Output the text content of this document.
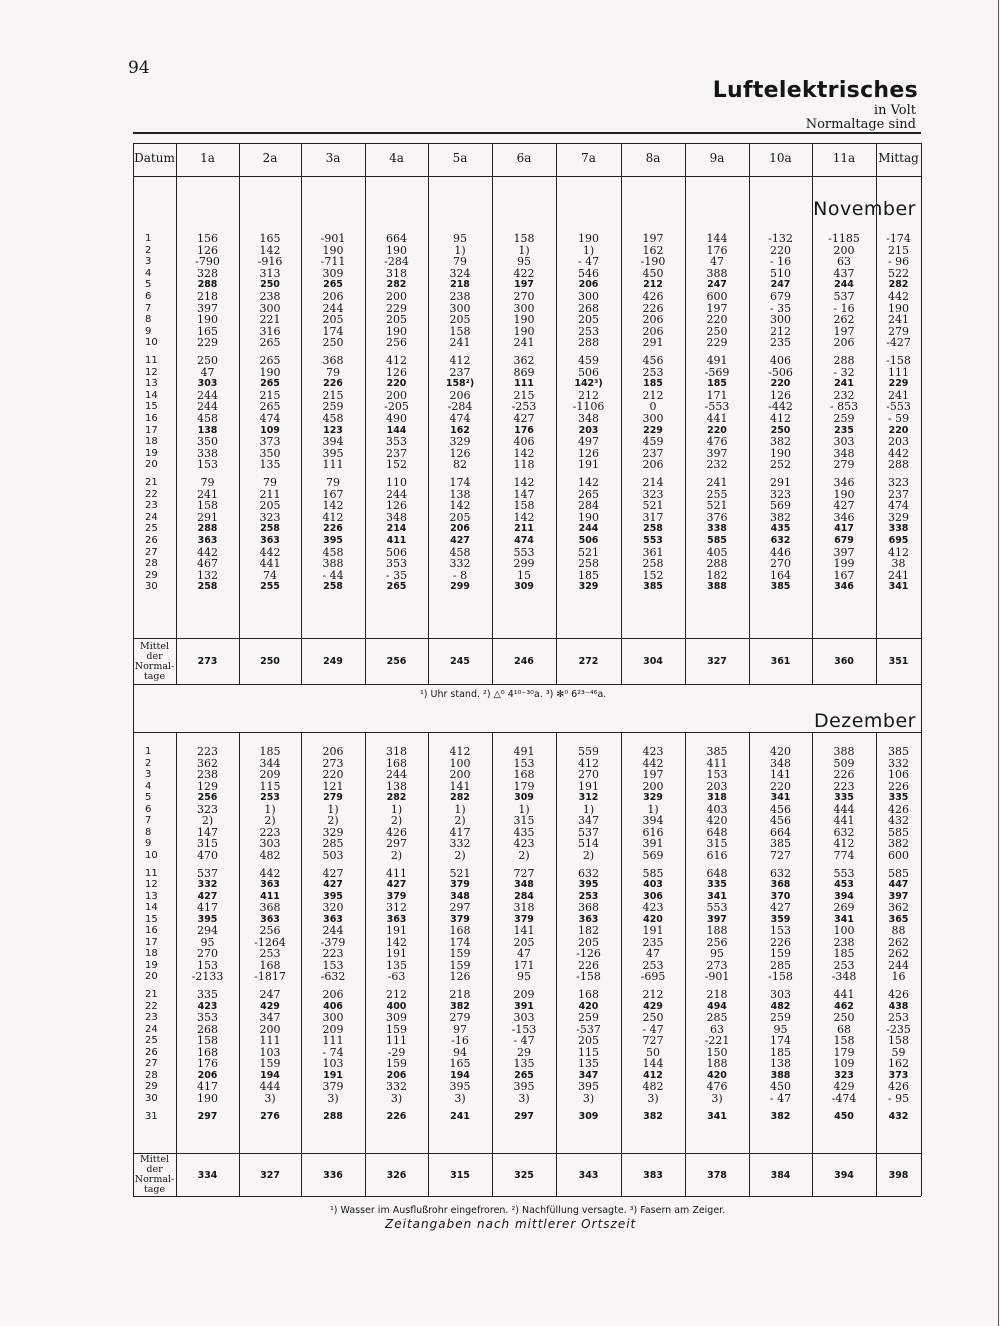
94
Luftelektrisches
in Volt
Normaltage sind
Datum	1a	2a	3a	4a	5a	6a	7a	8a	9a	10a	11a	Mittag
November
1	156	165	-901	664	95	158	190	197	144	-132	-1185	-174
2	126	142	190	190	1)	1)	1)	162	176	220	200	215
3	-790	-916	-711	-284	79	95	- 47	-190	47	- 16	63	- 96
4	328	313	309	318	324	422	546	450	388	510	437	522
5	288	250	265	282	218	197	206	212	247	247	244	282
6	218	238	206	200	238	270	300	426	600	679	537	442
7	397	300	244	229	300	300	268	226	197	- 35	- 16	190
8	190	221	205	205	205	190	205	206	220	300	262	241
9	165	316	174	190	158	190	253	206	250	212	197	279
10	229	265	250	256	241	241	288	291	229	235	206	-427
11	250	265	368	412	412	362	459	456	491	406	288	-158
12	47	190	79	126	237	869	506	253	-569	-506	- 32	111
13	303	265	226	220	158²)	111	142³)	185	185	220	241	229
14	244	215	215	200	206	215	212	212	171	126	232	241
15	244	265	259	-205	-284	-253	-1106	0	-553	-442	- 853	-553
16	458	474	458	490	474	427	348	300	441	412	259	- 59
17	138	109	123	144	162	176	203	229	220	250	235	220
18	350	373	394	353	329	406	497	459	476	382	303	203
19	338	350	395	237	126	142	126	237	397	190	348	442
20	153	135	111	152	82	118	191	206	232	252	279	288
21	79	79	79	110	174	142	142	214	241	291	346	323
22	241	211	167	244	138	147	265	323	255	323	190	237
23	158	205	142	126	142	158	284	521	521	569	427	474
24	291	323	412	348	205	142	190	317	376	382	346	329
25	288	258	226	214	206	211	244	258	338	435	417	338
26	363	363	395	411	427	474	506	553	585	632	679	695
27	442	442	458	506	458	553	521	361	405	446	397	412
28	467	441	388	353	332	299	258	258	288	270	199	38
29	132	74	- 44	- 35	- 8	15	185	152	182	164	167	241
30	258	255	258	265	299	309	329	385	388	385	346	341
Mittel
der
Normal-
tage
273	250	249	256	245	246	272	304	327	361	360	351
¹) Uhr stand. ²) △⁰ 4¹⁰⁻³⁰a. ³) ✻⁰ 6²³⁻⁴⁶a.
Dezember
1	223	185	206	318	412	491	559	423	385	420	388	385
2	362	344	273	168	100	153	412	442	411	348	509	332
3	238	209	220	244	200	168	270	197	153	141	226	106
4	129	115	121	138	141	179	191	200	203	220	223	226
5	256	253	279	282	282	309	312	329	318	341	335	335
6	323	1)	1)	1)	1)	1)	1)	1)	403	456	444	426
7	2)	2)	2)	2)	2)	315	347	394	420	456	441	432
8	147	223	329	426	417	435	537	616	648	664	632	585
9	315	303	285	297	332	423	514	391	315	385	412	382
10	470	482	503	2)	2)	2)	2)	569	616	727	774	600
11	537	442	427	411	521	727	632	585	648	632	553	585
12	332	363	427	427	379	348	395	403	335	368	453	447
13	427	411	395	379	348	284	253	306	341	370	394	397
14	417	368	320	312	297	318	368	423	553	427	269	362
15	395	363	363	363	379	379	363	420	397	359	341	365
16	294	256	244	191	168	141	182	191	188	153	100	88
17	95	-1264	-379	142	174	205	205	235	256	226	238	262
18	270	253	223	191	159	47	-126	47	95	159	185	262
19	153	168	153	135	159	171	226	253	273	285	253	244
20	-2133	-1817	-632	-63	126	95	-158	-695	-901	-158	-348	16
21	335	247	206	212	218	209	168	212	218	303	441	426
22	423	429	406	400	382	391	420	429	494	482	462	438
23	353	347	300	309	279	303	259	250	285	259	250	253
24	268	200	209	159	97	-153	-537	- 47	63	95	68	-235
25	158	111	111	111	-16	- 47	205	727	-221	174	158	158
26	168	103	- 74	-29	94	29	115	50	150	185	179	59
27	176	159	103	159	165	135	135	144	188	138	109	162
28	206	194	191	206	194	265	347	412	420	388	323	373
29	417	444	379	332	395	395	395	482	476	450	429	426
30	190	3)	3)	3)	3)	3)	3)	3)	3)	- 47	-474	- 95
31	297	276	288	226	241	297	309	382	341	382	450	432
Mittel
der
Normal-
tage
334	327	336	326	315	325	343	383	378	384	394	398
¹) Wasser im Ausflußrohr eingefroren. ²) Nachfüllung versagte. ³) Fasern am Zeiger.
Zeitangaben nach mittlerer Ortszeit
